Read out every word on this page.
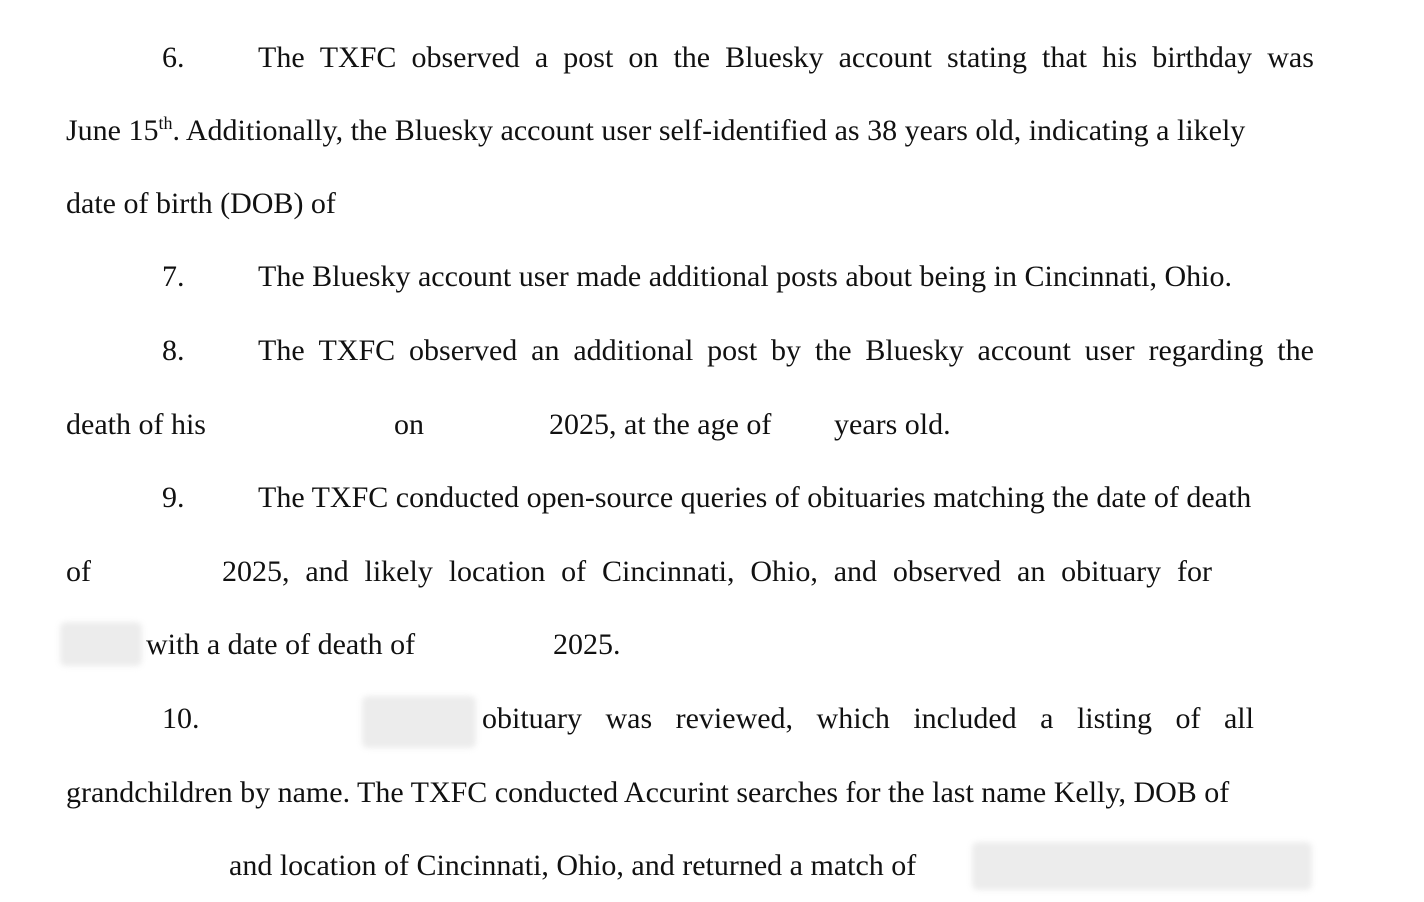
6. The TXFC observed a post on the Bluesky account stating that his birthday was
June 15th. Additionally, the Bluesky account user self-identified as 38 years old, indicating a likely
date of birth (DOB) of
7. The Bluesky account user made additional posts about being in Cincinnati, Ohio.
8. The TXFC observed an additional post by the Bluesky account user regarding the
death of his	on	2025, at the age of years old.
9. The TXFC conducted open-source queries of obituaries matching the date of death
of	2025, and likely location of Cincinnati, Ohio, and observed an obituary for
with a date of death of	2025.
10.	obituary was reviewed, which included a listing of all
grandchildren by name. The TXFC conducted Accurint searches for the last name Kelly, DOB of
and location of Cincinnati, Ohio, and returned a match of
